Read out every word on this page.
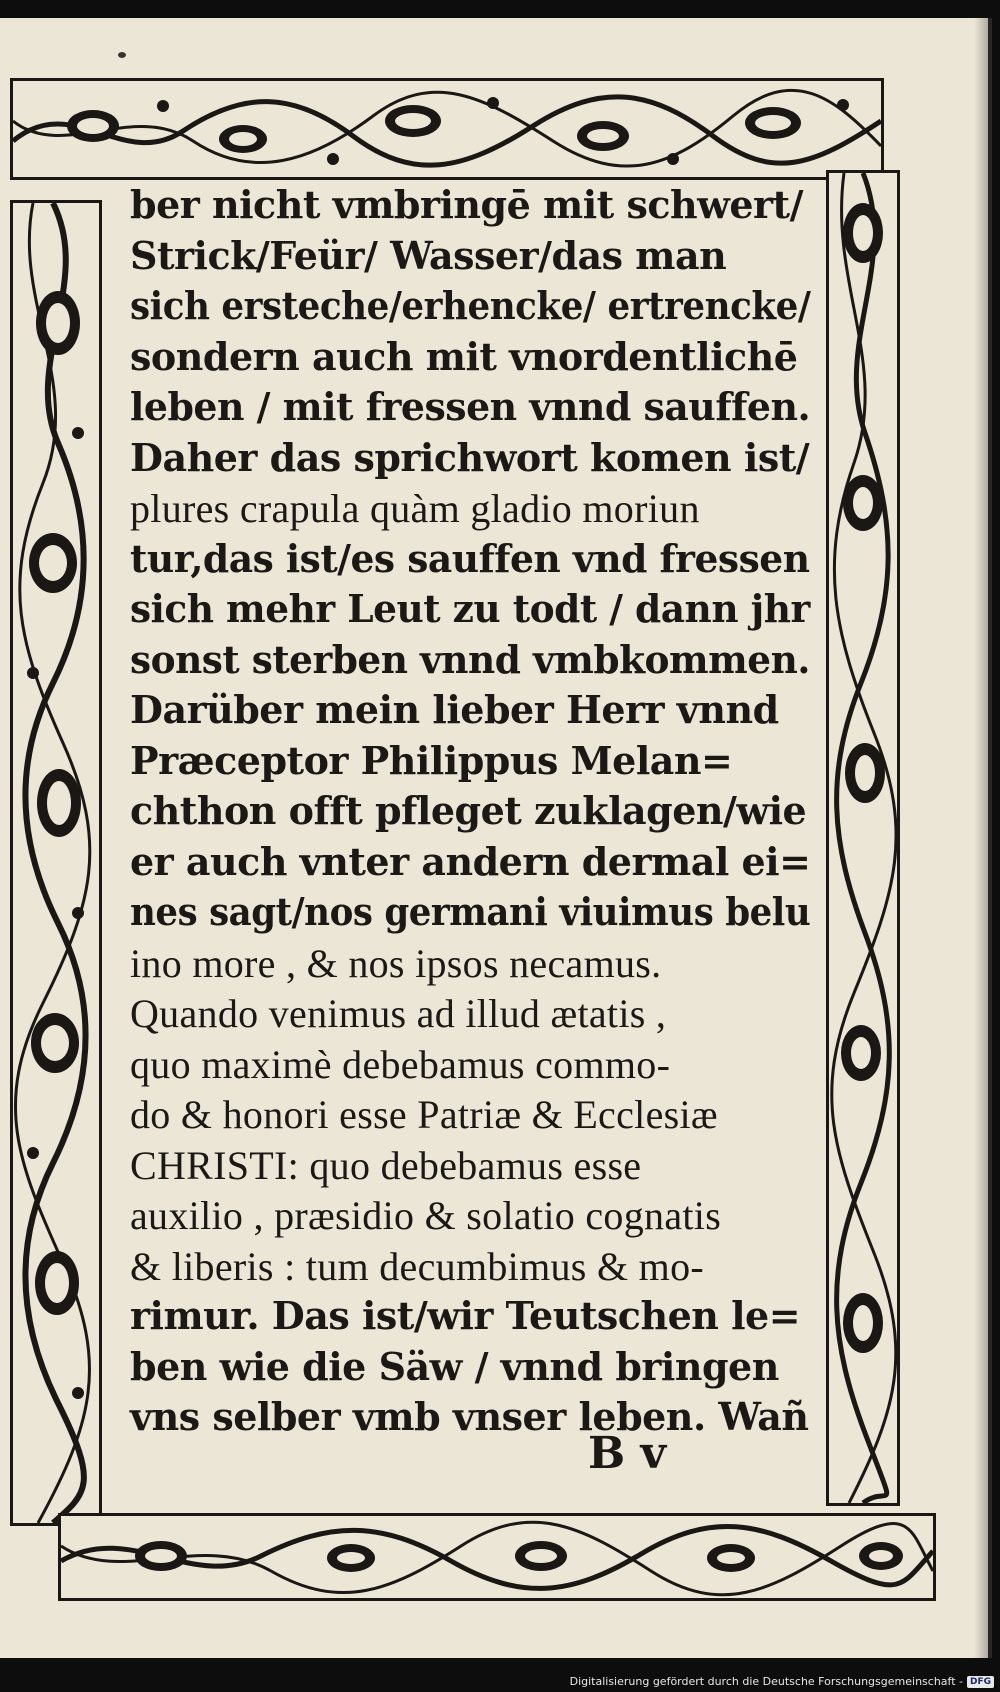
B v
ber nicht vmbringē mit schwert/
Strick/Feür/ Wasser/das man
sich ersteche/erhencke/ ertrencke/
sondern auch mit vnordentlichē
leben / mit fressen vnnd sauffen.
Daher das sprichwort komen ist/
plures crapula quàm gladio moriun
tur,das ist/es sauffen vnd fressen
sich mehr Leut zu todt / dann jhr
sonst sterben vnnd vmbkommen.
Darüber mein lieber Herr vnnd
Præceptor Philippus Melan=
chthon offt pfleget zuklagen/wie
er auch vnter andern dermal ei=
nes sagt/nos germani viuimus belu
ino more , & nos ipsos necamus.
Quando venimus ad illud ætatis ,
quo maximè debebamus commo-
do & honori esse Patriæ & Ecclesiæ
CHRISTI: quo debebamus esse
auxilio , præsidio & solatio cognatis
& liberis : tum decumbimus & mo-
rimur. Das ist/wir Teutschen le=
ben wie die Säw / vnnd bringen
vns selber vmb vnser leben. Wañ
Digitalisierung gefördert durch die Deutsche Forschungsgemeinschaft - DFG
